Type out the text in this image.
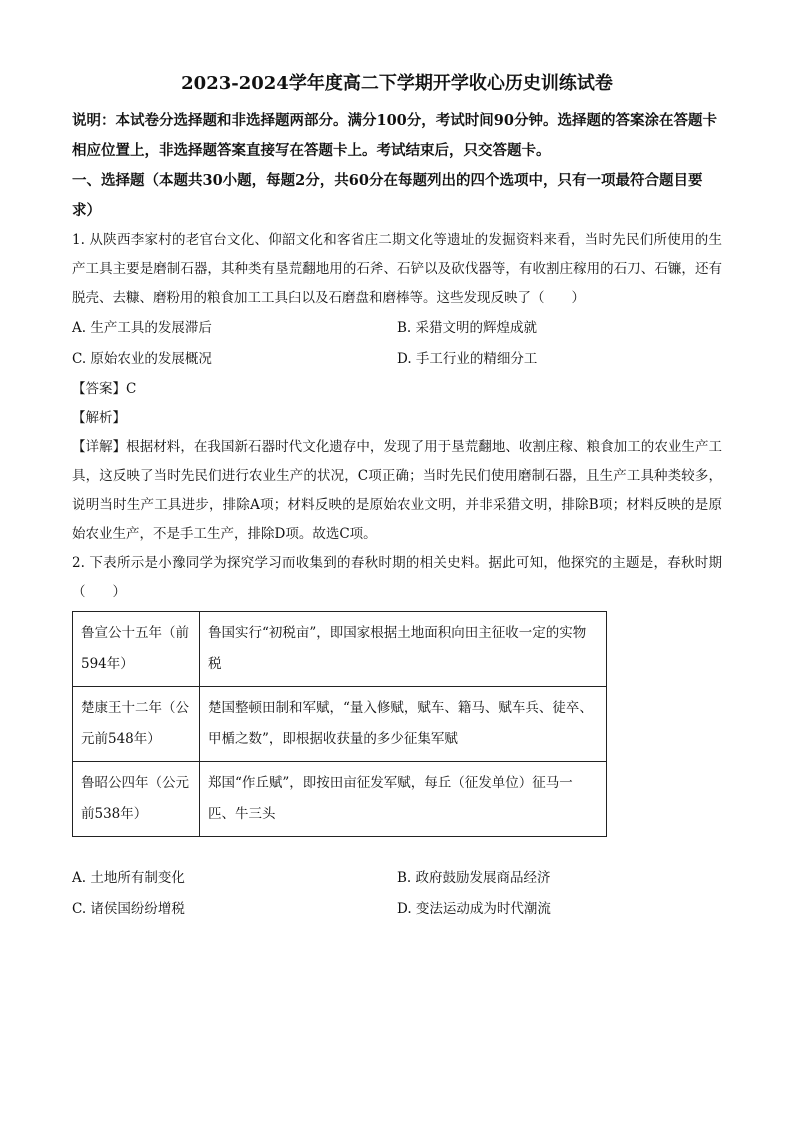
2023-2024学年度高二下学期开学收心历史训练试卷
说明：本试卷分选择题和非选择题两部分。满分100分，考试时间90分钟。选择题的答案涂在答题卡相应位置上，非选择题答案直接写在答题卡上。考试结束后，只交答题卡。
一、选择题（本题共30小题，每题2分，共60分在每题列出的四个选项中，只有一项最符合题目要求）
1. 从陕西李家村的老官台文化、仰韶文化和客省庄二期文化等遗址的发掘资料来看，当时先民们所使用的生产工具主要是磨制石器，其种类有垦荒翻地用的石斧、石铲以及砍伐器等，有收割庄稼用的石刀、石镰，还有脱壳、去糠、磨粉用的粮食加工工具臼以及石磨盘和磨棒等。这些发现反映了（　　）
A. 生产工具的发展滞后	B. 采猎文明的辉煌成就
C. 原始农业的发展概况	D. 手工行业的精细分工
【答案】C
【解析】
【详解】根据材料，在我国新石器时代文化遗存中，发现了用于垦荒翻地、收割庄稼、粮食加工的农业生产工具，这反映了当时先民们进行农业生产的状况，C项正确；当时先民们使用磨制石器，且生产工具种类较多，说明当时生产工具进步，排除A项；材料反映的是原始农业文明，并非采猎文明，排除B项；材料反映的是原始农业生产，不是手工生产，排除D项。故选C项。
2. 下表所示是小豫同学为探究学习而收集到的春秋时期的相关史料。据此可知，他探究的主题是，春秋时期（　　）
鲁宣公十五年（前594年）	鲁国实行“初税亩”，即国家根据土地面积向田主征收一定的实物税
楚康王十二年（公元前548年）	楚国整顿田制和军赋，“量入修赋，赋车、籍马、赋车兵、徒卒、甲楯之数”，即根据收获量的多少征集军赋
鲁昭公四年（公元前538年）	郑国“作丘赋”，即按田亩征发军赋，每丘（征发单位）征马一匹、牛三头
A. 土地所有制变化	B. 政府鼓励发展商品经济
C. 诸侯国纷纷增税	D. 变法运动成为时代潮流
